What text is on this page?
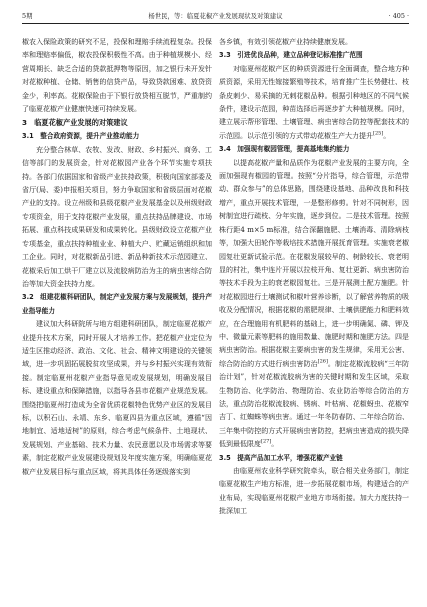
5期	杨世民，等：临夏花椒产业发展现状及对策建议	· 405 ·

椒农入保险政策的研究不足，投保和理赔手续流程复杂。投保率和理赔率偏低，椒农投保积极性不高。由于种植规模小、经营周期长、缺乏合适的贷款抵押物等原因，加之银行未开发针对花椒种植、仓储、销售的信贷产品，导致贷款困难、放贷资金少，利率高。花椒保险由于下银行放贷相互脱节，严重制约了临夏花椒产业健康快速可持续发展。

3　临夏花椒产业发展的对策建议
3.1　整合政府资源，提升产业推动能力

充分整合林草、农牧、发改、财政、乡村振兴、商务、工信等部门的发展资金，针对花椒园产业各个环节实施专项扶持。各部门依据国家和省级产业扶持政策，积极向国家部委及省厅(局、委)申报相关项目，努力争取国家和省级层面对花椒产业的支持。设立州级和县级花椒产业发展基金以及州级财政专项资金，用于支持花椒产业发展，重点扶持品牌建设、市场拓展、重点科技成果研发和成果转化。县级财政设立花椒产业专项基金，重点扶持种植业业、种植大户、贮藏运销组织和加工企业。同时，对花椒新品引进、新品种新技术示范园建立、花椒采后加工烘干厂建立以及流胶病防治为主的病虫害综合防治等加大资金扶持力度。

3.2　组建花椒科研团队，制定产业发展方案与发展规划，提升产业指导能力

建议加大科研院所与地方组建科研团队，制定临夏花椒产业提升技术方案，同时开展人才培养工作。把花椒产业定位为适生区推动经济、政治、文化、社会、精神文明建设的关键领域，进一步巩固拓展脱贫攻坚成果，并与乡村振兴实现有效衔接。制定临夏州花椒产业指导意见或发展规划，明确发展目标、建设重点和保障措施，以指导各县市花椒产业规范发展。围绕把临夏州打造成为全省优质花椒特色优势产业区的发展目标，以积石山、永靖、东乡、临夏四县为重点区域，遵循“因地制宜、适地适树”的原则，综合考虑气候条件、土地现状、发展规划、产业基础、技术力量、农民意愿以及市场需求等要素，制定花椒产业发展建设规划及年度实施方案，明确临夏花椒产业发展目标与重点区域，将其具体任务逐级落实到

各乡镇，有效引领花椒产业持续健康发展。

3.3　引进优良品种，建立品种登记标准推广范围

对临夏州花椒产区的种质资源进行全面调查，整合地方种质资源，采用无性嫁接繁殖等技术，培育推广生长势健壮、枝条皮刺少、易采摘的无刺花椒品种。根据引种地区的不同气候条件，建设示范园，种苗选择后再逐步扩大种植规模。同时，建立展示帮形管理、土壤管理、病虫害综合防控等配套技术的示范园。以示范引领的方式带动花椒生产大力提升[25]。

3.4　加强现有椒园管理，提高基地集约能力

以提高花椒产量和品质作为花椒产业发展的主要方向，全面加强现有椒园的管理。按照“分片指导，综合管理，示范带动、群众参与”的总体思路，围绕建设基地、品种改良和科技增产，重点开展技术管理，一是整形修剪。针对不同树形，因树制宜进行疏枝、分年实施，逐步到位。二是技术管理。按照株行距4 m×5 m标准，结合深翻施肥、土壤消毒、清除病枝等，加强大田轮作等栽培技术措施开展抚育管理。实施衰老椒园复壮更新试验示范。在花椒发展较早的、树龄较长、衰老明显的村社，集中连片开展以拉枝开角、复壮更新、病虫害防治等技术手段为主的衰老椒园复壮。三是开展测土配方施肥。针对花椒园进行土壤测试和椒叶营养诊断，以了解营养物质的吸收及分配情况，根据花椒的需肥规律、土壤供肥能力和肥料效应，在合理施用有机肥料的基础上，进一步明确氮、磷、钾及中、微量元素等肥料的施用数量、施肥时期和施肥方法。四是病虫害防治。根据花椒主要病虫害的发生规律，采用无公害、综合防治的方式进行病虫害防治[26]。制定花椒流胶病“三年防治计划”，针对花椒流胶病为害的关键时期和发生区域，采取生物防治、化学防治、物理防治、农业防治等综合防治的方法，重点防治花椒流胶病、锈病、叶枯病、花椒蚜虫、花椒窄吉丁、红蜘蛛等病虫害。通过一年冬防春防、二年综合防治、三年集中防控的方式开展病虫害防控，把病虫害造成的损失降低到最低限度[27]。

3.5　提高产品加工水平，增强花椒产业链

由临夏州农业科学研究院牵头，联合相关业务部门，制定临夏花椒生产地方标准，进一步拓展花椒市场，构建适合的产业布局，实现临夏州花椒产业地方市场衔接。加大力度扶持一批深加工
